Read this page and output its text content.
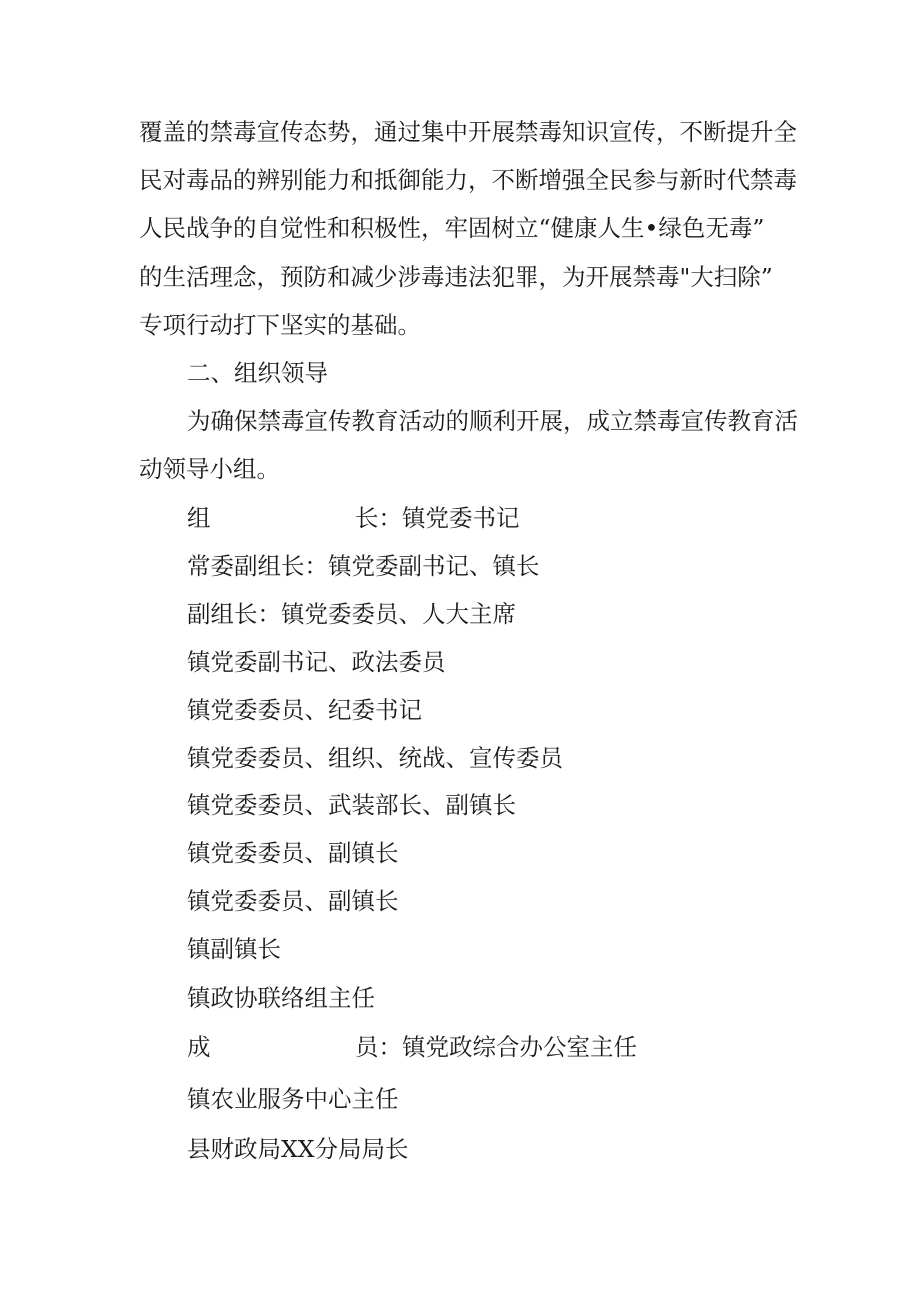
覆盖的禁毒宣传态势，通过集中开展禁毒知识宣传，不断提升全
民对毒品的辨别能力和抵御能力，不断增强全民参与新时代禁毒
人民战争的自觉性和积极性，牢固树立“健康人生•绿色无毒”
的生活理念，预防和减少涉毒违法犯罪，为开展禁毒"大扫除”
专项行动打下坚实的基础。
二、组织领导
为确保禁毒宣传教育活动的顺利开展，成立禁毒宣传教育活
动领导小组。
组	长：镇党委书记
常委副组长：镇党委副书记、镇长
副组长：镇党委委员、人大主席
镇党委副书记、政法委员
镇党委委员、纪委书记
镇党委委员、组织、统战、宣传委员
镇党委委员、武装部长、副镇长
镇党委委员、副镇长
镇党委委员、副镇长
镇副镇长
镇政协联络组主任
成	员：镇党政综合办公室主任
镇农业服务中心主任
县财政局XX分局局长
